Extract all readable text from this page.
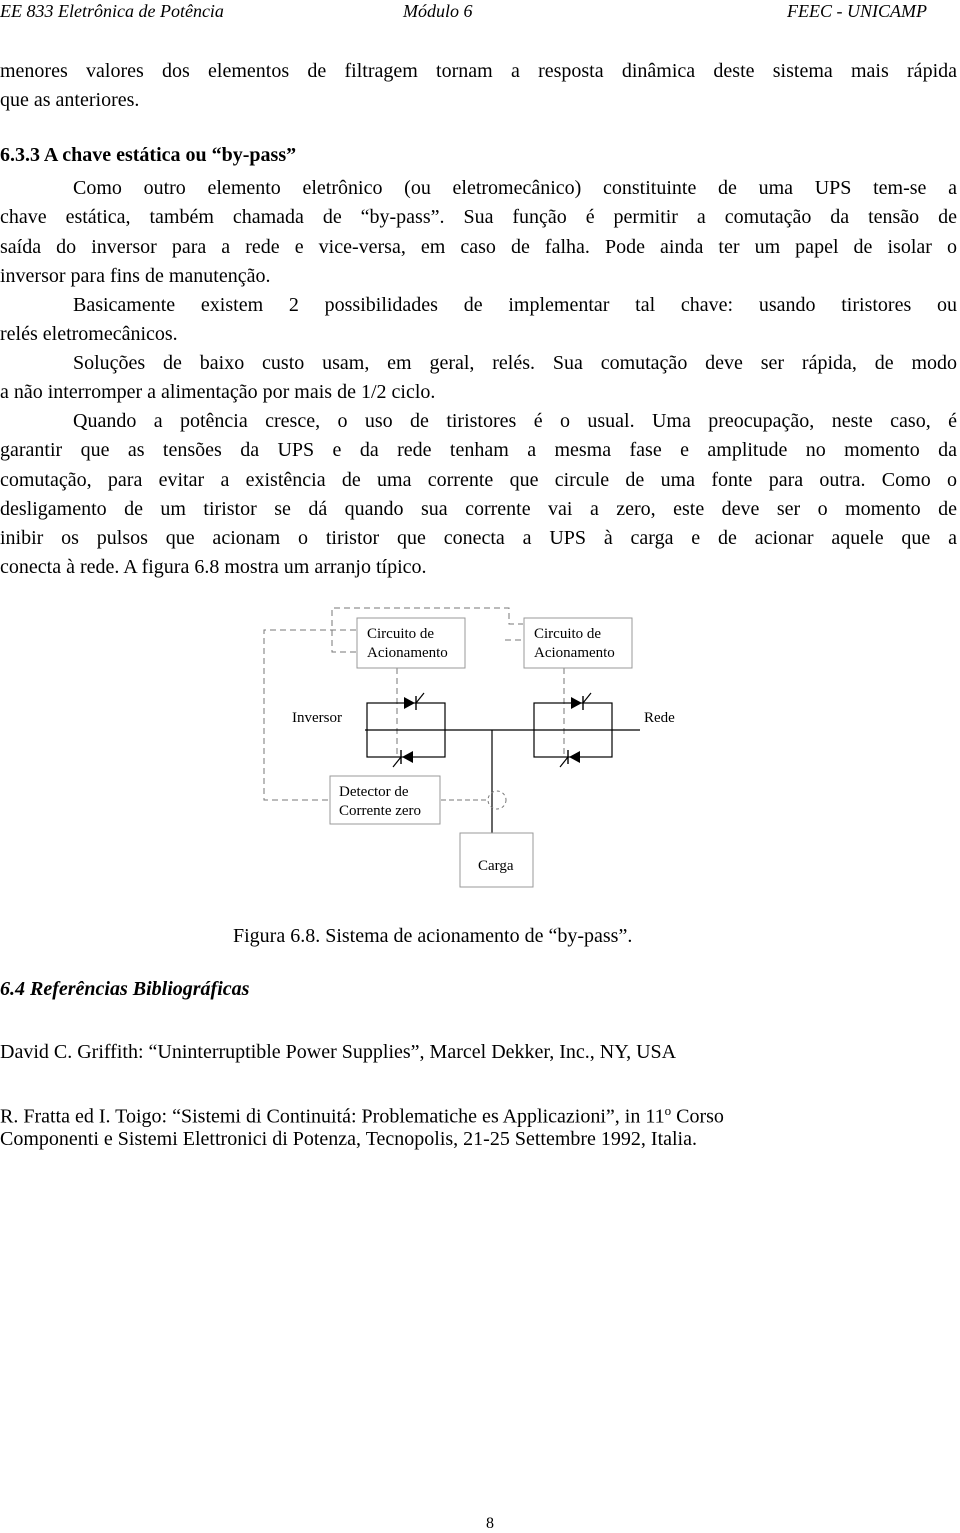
EE 833 Eletrônica de Potência	Módulo 6	FEEC - UNICAMP
menores valores dos elementos de filtragem tornam a resposta dinâmica deste sistema mais rápida
que as anteriores.
6.3.3 A chave estática ou “by-pass”
Como outro elemento eletrônico (ou eletromecânico) constituinte de uma UPS tem-se a
chave estática, também chamada de “by-pass”. Sua função é permitir a comutação da tensão de
saída do inversor para a rede e vice-versa, em caso de falha. Pode ainda ter um papel de isolar o
inversor para fins de manutenção.
Basicamente existem 2 possibilidades de implementar tal chave: usando tiristores ou
relés eletromecânicos.
Soluções de baixo custo usam, em geral, relés. Sua comutação deve ser rápida, de modo
a não interromper a alimentação por mais de 1/2 ciclo.
Quando a potência cresce, o uso de tiristores é o usual. Uma preocupação, neste caso, é
garantir que as tensões da UPS e da rede tenham a mesma fase e amplitude no momento da
comutação, para evitar a existência de uma corrente que circule de uma fonte para outra. Como o
desligamento de um tiristor se dá quando sua corrente vai a zero, este deve ser o momento de
inibir os pulsos que acionam o tiristor que conecta a UPS à carga e de acionar aquele que a
conecta à rede. A figura 6.8 mostra um arranjo típico.
Circuito de
Acionamento
Circuito de
Acionamento
Inversor	Rede
Detector de
Corrente zero
Carga
Figura 6.8. Sistema de acionamento de “by-pass”.
6.4 Referências Bibliográficas
David C. Griffith: “Uninterruptible Power Supplies”, Marcel Dekker, Inc., NY, USA
R. Fratta ed I. Toigo: “Sistemi di Continuitá: Problematiche es Applicazioni”, in 11$^o$ Corso
Componenti e Sistemi Elettronici di Potenza, Tecnopolis, 21-25 Settembre 1992, Italia.
8
